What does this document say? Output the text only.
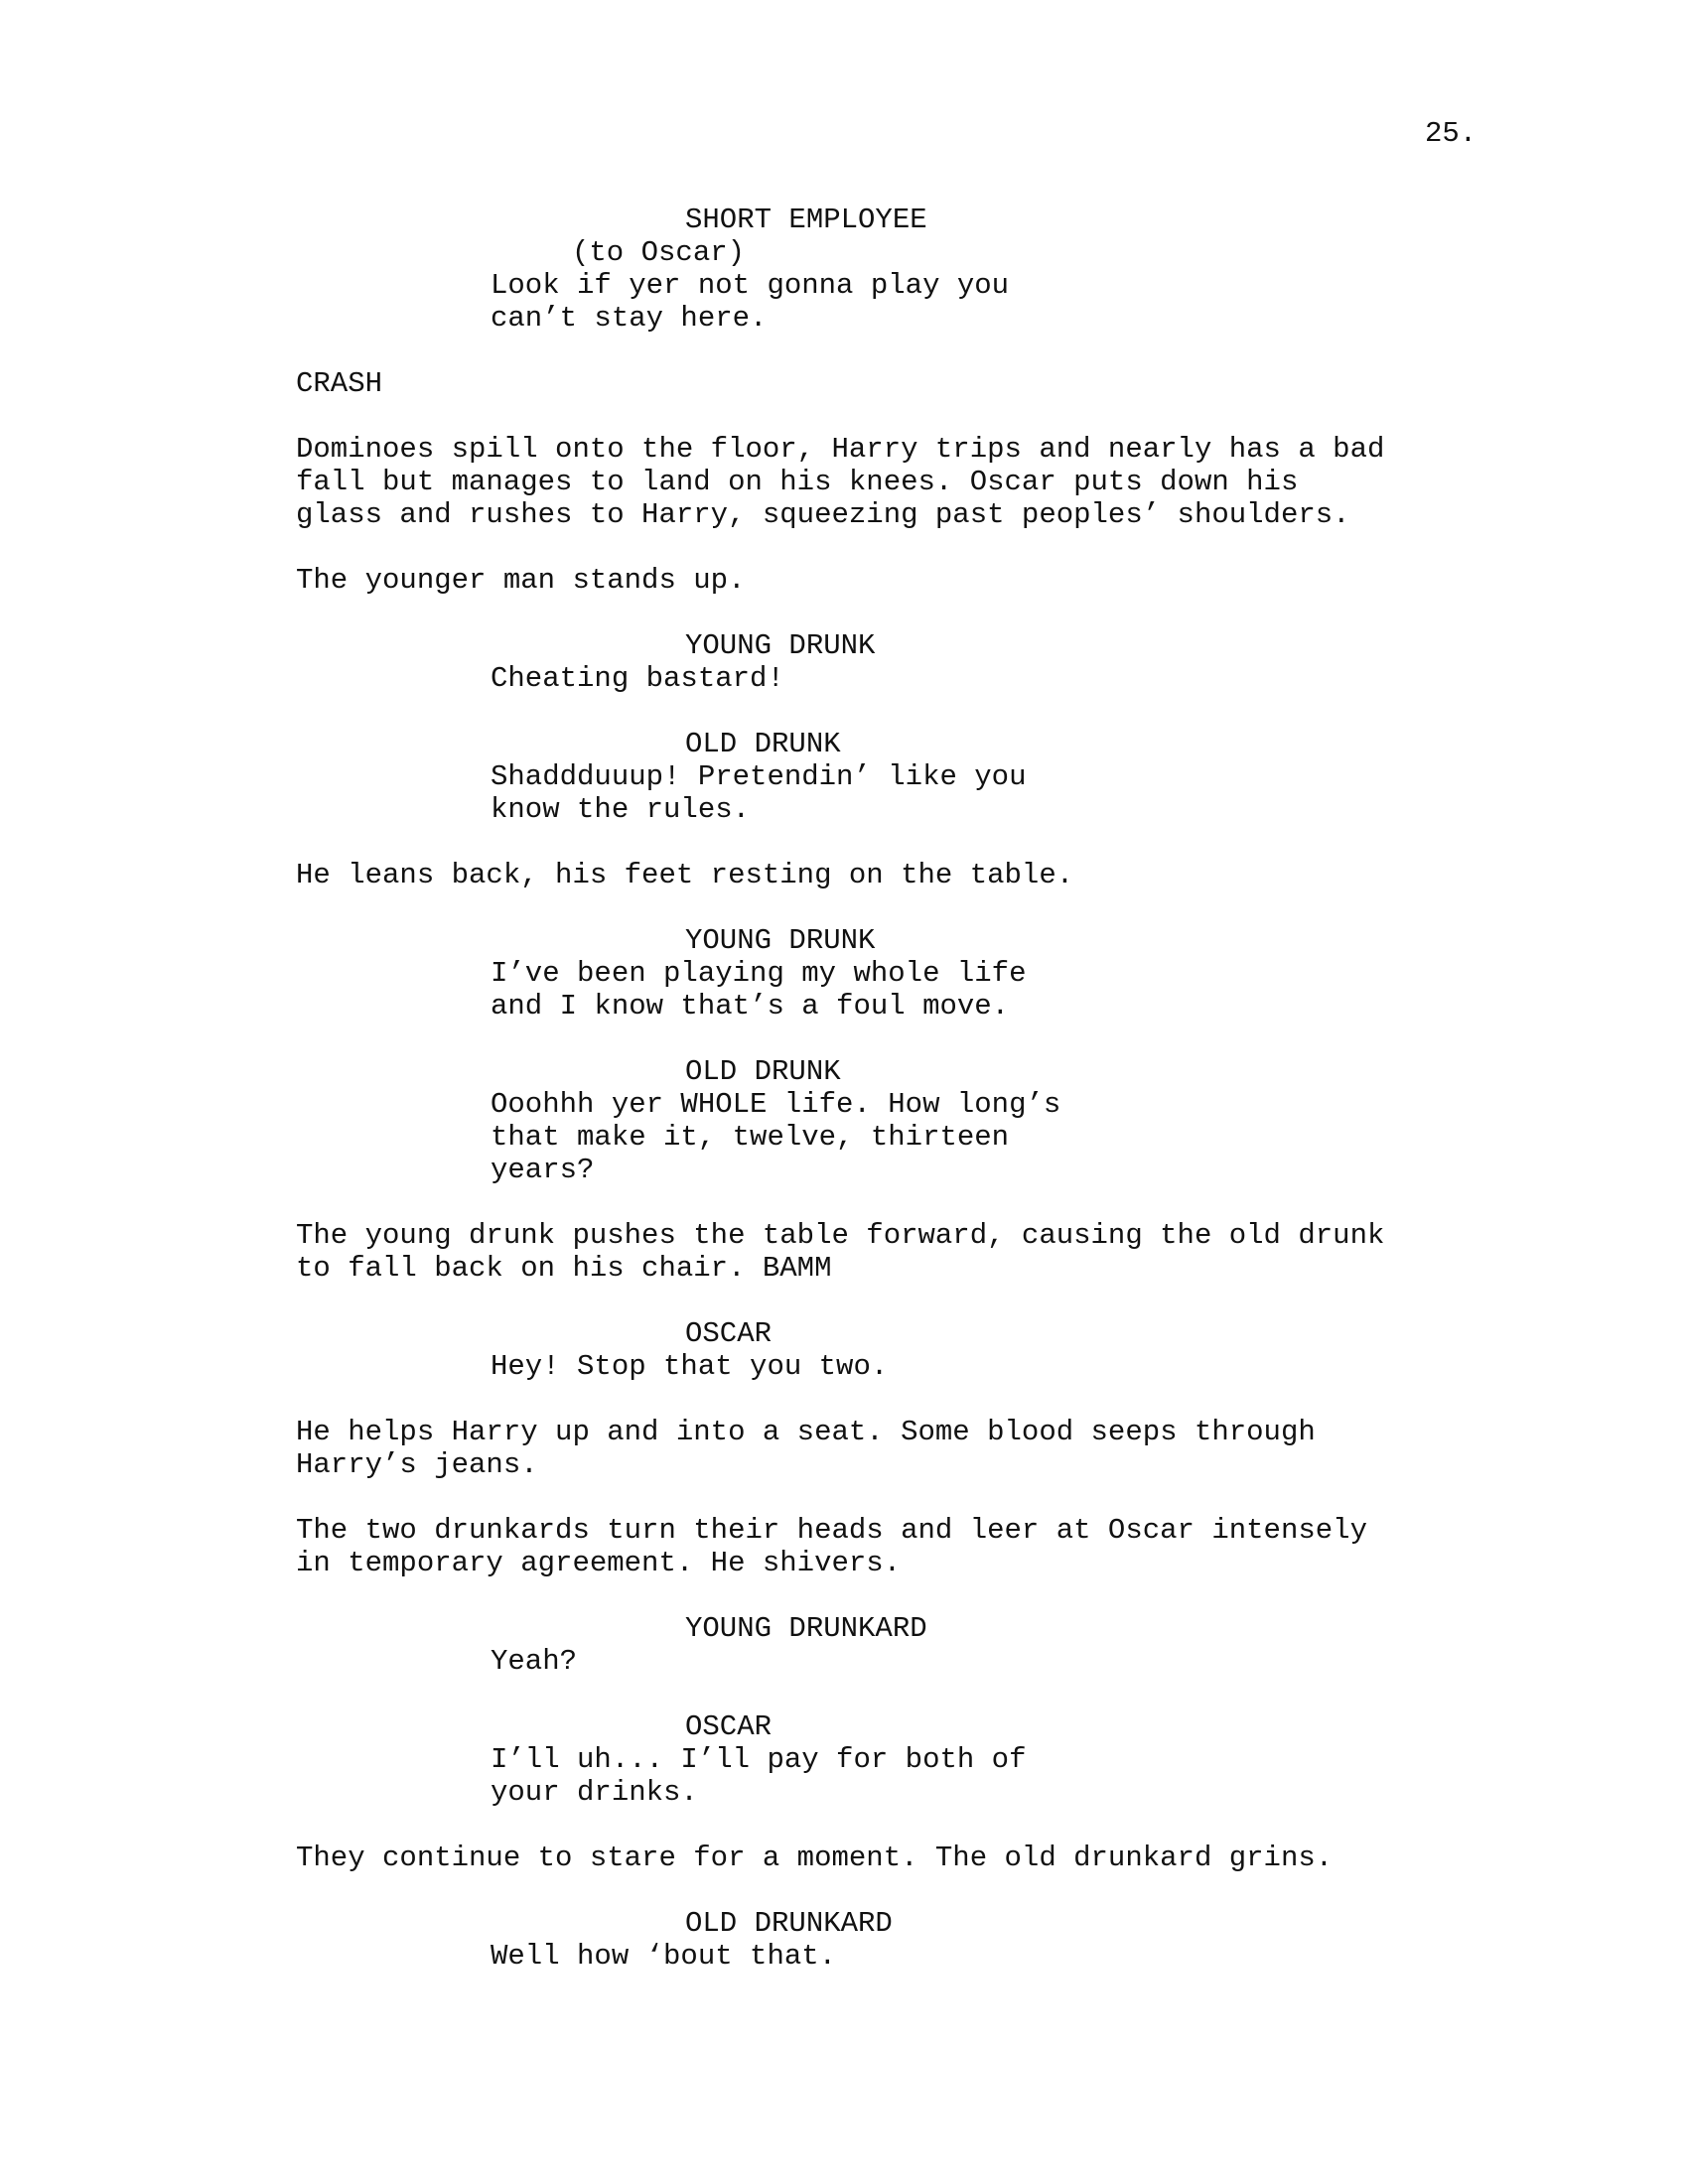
25.

SHORT EMPLOYEE

(to Oscar)

Look if yer not gonna play you
can’t stay here.

CRASH

Dominoes spill onto the floor, Harry trips and nearly has a bad
fall but manages to land on his knees. Oscar puts down his
glass and rushes to Harry, squeezing past peoples’ shoulders.

The younger man stands up.

YOUNG DRUNK

Cheating bastard!

OLD DRUNK

Shaddduuup! Pretendin’ like you
know the rules.

He leans back, his feet resting on the table.

YOUNG DRUNK

I’ve been playing my whole life
and I know that’s a foul move.

OLD DRUNK

Ooohhh yer WHOLE life. How long’s
that make it, twelve, thirteen
years?

The young drunk pushes the table forward, causing the old drunk
to fall back on his chair. BAMM

OSCAR

Hey! Stop that you two.

He helps Harry up and into a seat. Some blood seeps through
Harry’s jeans.

The two drunkards turn their heads and leer at Oscar intensely
in temporary agreement. He shivers.

YOUNG DRUNKARD

Yeah?

OSCAR

I’ll uh... I’ll pay for both of
your drinks.

They continue to stare for a moment. The old drunkard grins.

OLD DRUNKARD

Well how ‘bout that.
